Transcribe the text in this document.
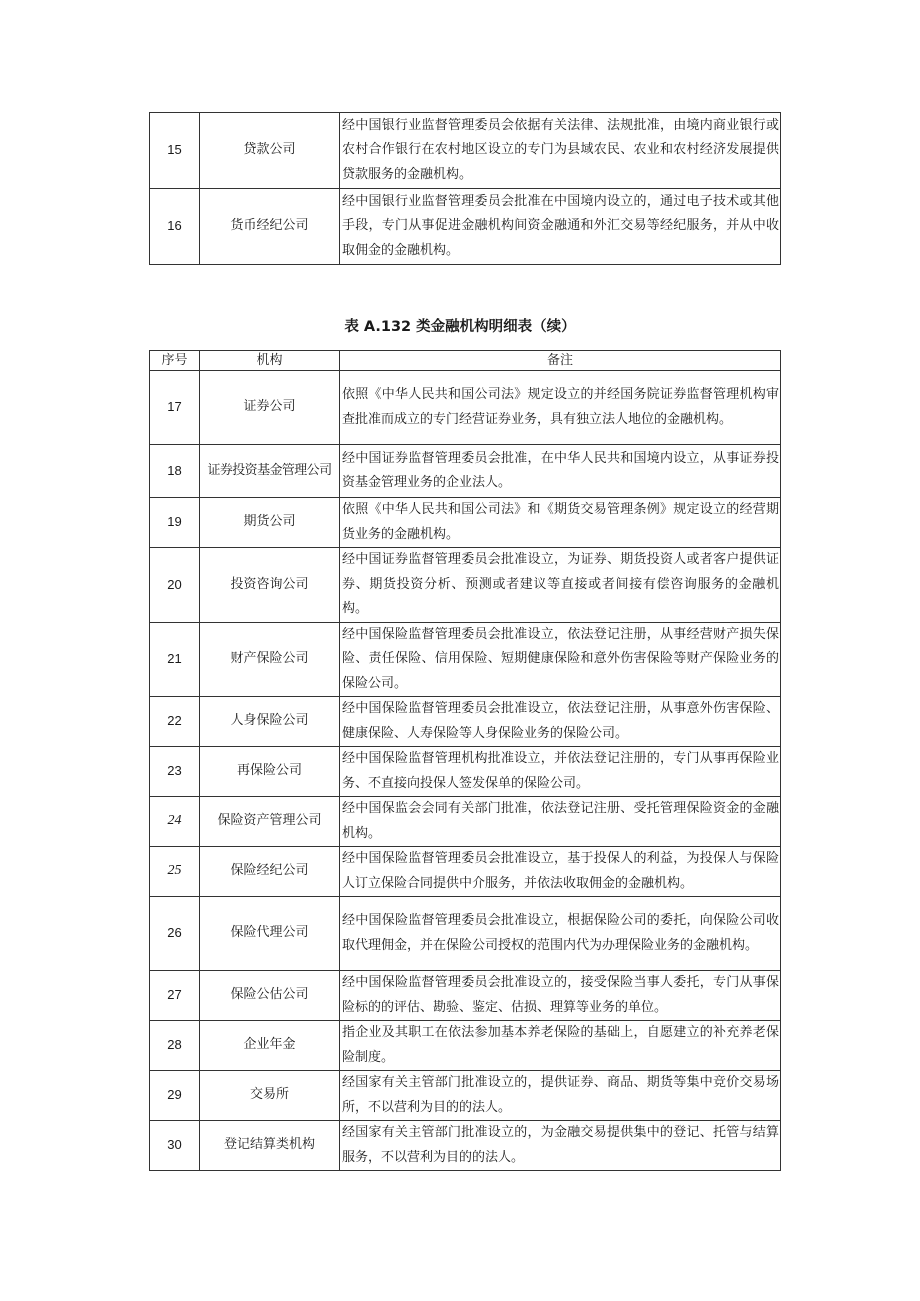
15	贷款公司	经中国银行业监督管理委员会依据有关法律、法规批准，由境内商业银行或农村合作银行在农村地区设立的专门为县域农民、农业和农村经济发展提供贷款服务的金融机构。
16	货币经纪公司	经中国银行业监督管理委员会批准在中国境内设立的，通过电子技术或其他手段，专门从事促进金融机构间资金融通和外汇交易等经纪服务，并从中收取佣金的金融机构。
表 A.132 类金融机构明细表（续）
序号	机构	备注
17	证券公司	依照《中华人民共和国公司法》规定设立的并经国务院证券监督管理机构审查批准而成立的专门经营证券业务，具有独立法人地位的金融机构。
18	证券投资基金管理公司	经中国证券监督管理委员会批准，在中华人民共和国境内设立，从事证券投资基金管理业务的企业法人。
19	期货公司	依照《中华人民共和国公司法》和《期货交易管理条例》规定设立的经营期货业务的金融机构。
20	投资咨询公司	经中国证券监督管理委员会批准设立，为证券、期货投资人或者客户提供证券、期货投资分析、预测或者建议等直接或者间接有偿咨询服务的金融机构。
21	财产保险公司	经中国保险监督管理委员会批准设立，依法登记注册，从事经营财产损失保险、责任保险、信用保险、短期健康保险和意外伤害保险等财产保险业务的保险公司。
22	人身保险公司	经中国保险监督管理委员会批准设立，依法登记注册，从事意外伤害保险、健康保险、人寿保险等人身保险业务的保险公司。
23	再保险公司	经中国保险监督管理机构批准设立，并依法登记注册的，专门从事再保险业务、不直接向投保人签发保单的保险公司。
24	保险资产管理公司	经中国保监会会同有关部门批准，依法登记注册、受托管理保险资金的金融机构。
25	保险经纪公司	经中国保险监督管理委员会批准设立，基于投保人的利益，为投保人与保险人订立保险合同提供中介服务，并依法收取佣金的金融机构。
26	保险代理公司	经中国保险监督管理委员会批准设立，根据保险公司的委托，向保险公司收取代理佣金，并在保险公司授权的范围内代为办理保险业务的金融机构。
27	保险公估公司	经中国保险监督管理委员会批准设立的，接受保险当事人委托，专门从事保险标的的评估、勘验、鉴定、估损、理算等业务的单位。
28	企业年金	指企业及其职工在依法参加基本养老保险的基础上，自愿建立的补充养老保险制度。
29	交易所	经国家有关主管部门批准设立的，提供证券、商品、期货等集中竞价交易场所，不以营利为目的的法人。
30	登记结算类机构	经国家有关主管部门批准设立的，为金融交易提供集中的登记、托管与结算服务，不以营利为目的的法人。
